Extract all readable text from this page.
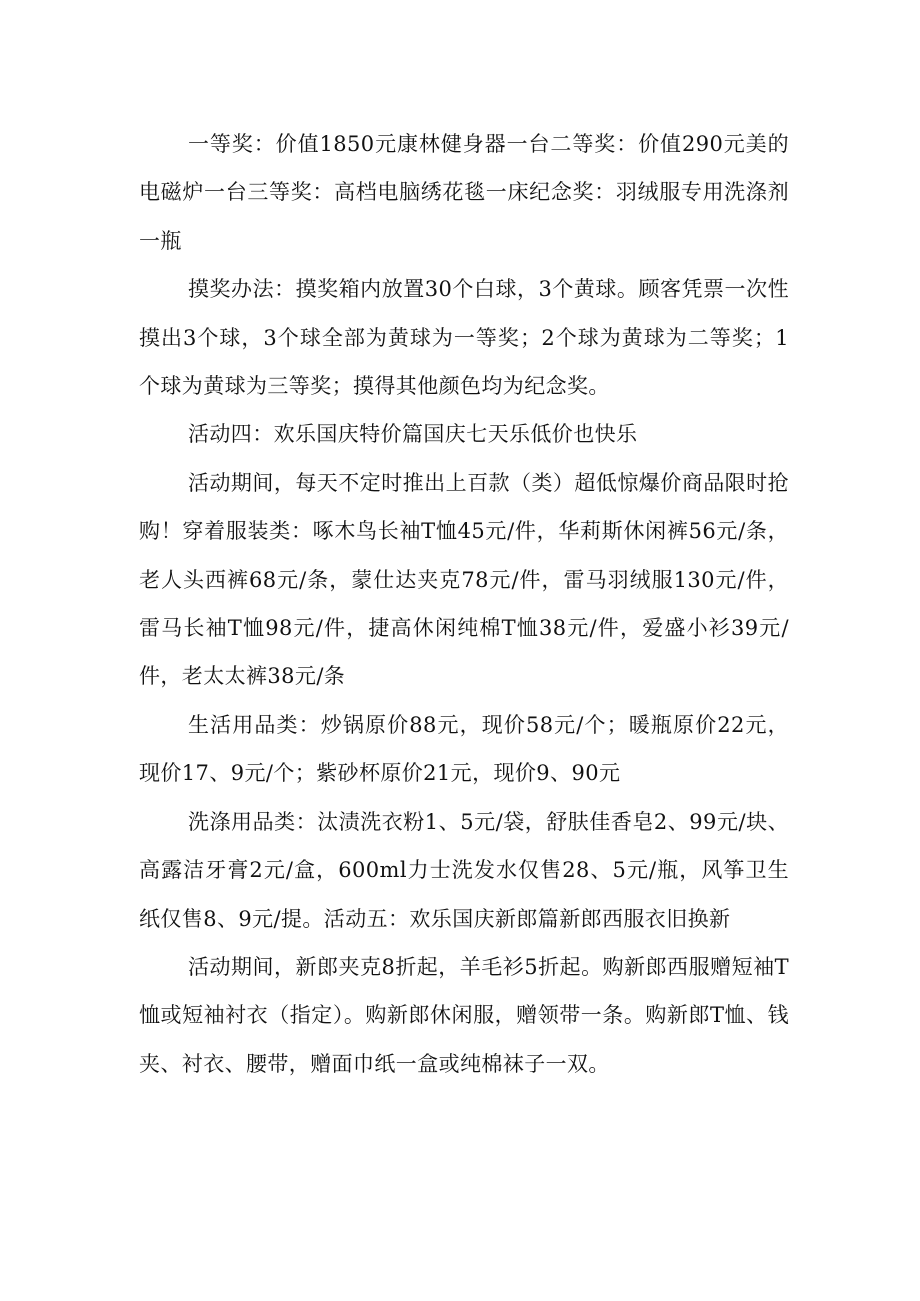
一等奖：价值1850元康林健身器一台二等奖：价值290元美的电磁炉一台三等奖：高档电脑绣花毯一床纪念奖：羽绒服专用洗涤剂一瓶

摸奖办法：摸奖箱内放置30个白球，3个黄球。顾客凭票一次性摸出3个球，3个球全部为黄球为一等奖；2个球为黄球为二等奖；1个球为黄球为三等奖；摸得其他颜色均为纪念奖。

活动四：欢乐国庆特价篇国庆七天乐低价也快乐

活动期间，每天不定时推出上百款（类）超低惊爆价商品限时抢购！穿着服装类：啄木鸟长袖T恤45元/件，华莉斯休闲裤56元/条，老人头西裤68元/条，蒙仕达夹克78元/件，雷马羽绒服130元/件，雷马长袖T恤98元/件，捷高休闲纯棉T恤38元/件，爱盛小衫39元/件，老太太裤38元/条

生活用品类：炒锅原价88元，现价58元/个；暖瓶原价22元，现价17、9元/个；紫砂杯原价21元，现价9、90元

洗涤用品类：汰渍洗衣粉1、5元/袋，舒肤佳香皂2、99元/块、高露洁牙膏2元/盒，600ml力士洗发水仅售28、5元/瓶，风筝卫生纸仅售8、9元/提。活动五：欢乐国庆新郎篇新郎西服衣旧换新

活动期间，新郎夹克8折起，羊毛衫5折起。购新郎西服赠短袖T恤或短袖衬衣（指定）。购新郎休闲服，赠领带一条。购新郎T恤、钱夹、衬衣、腰带，赠面巾纸一盒或纯棉袜子一双。
